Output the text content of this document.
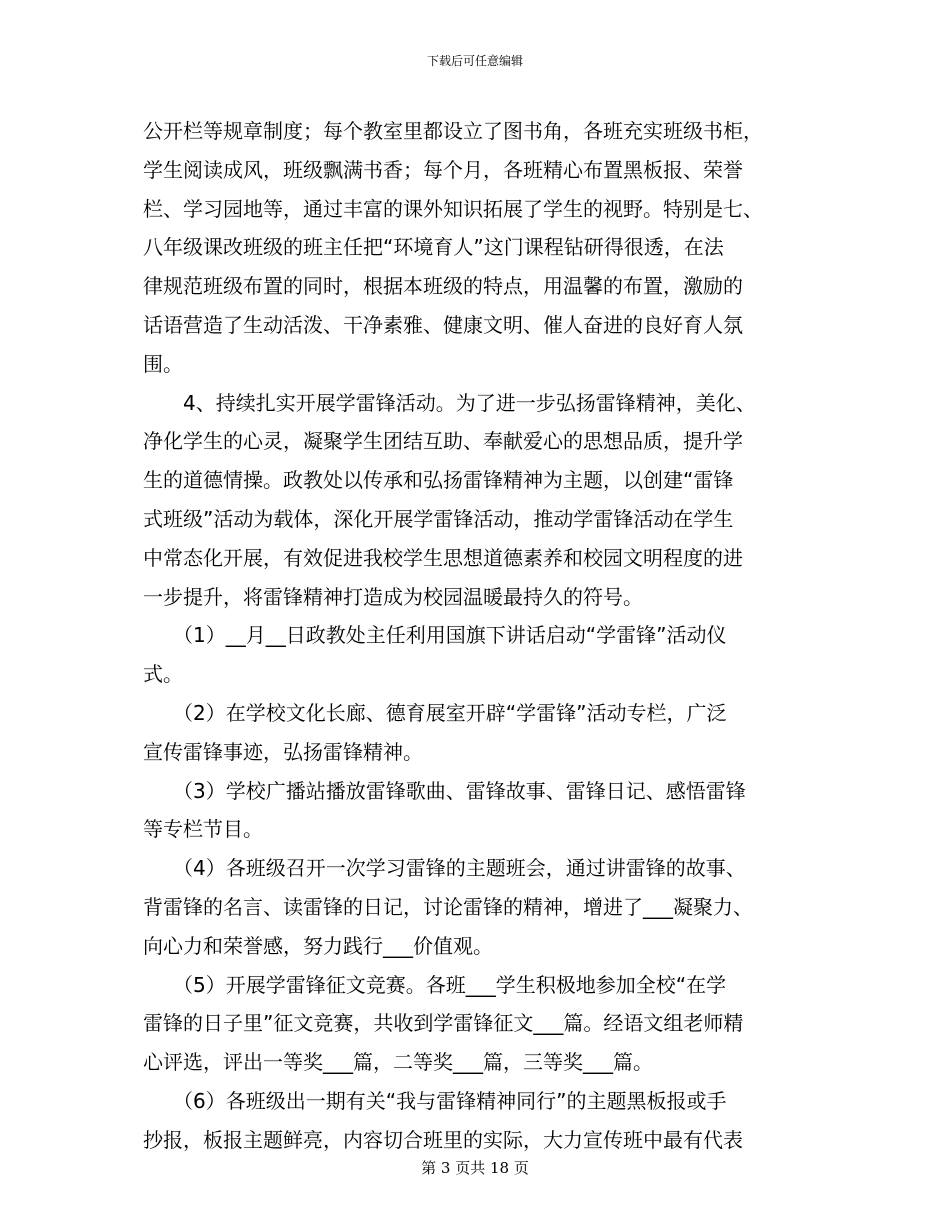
下载后可任意编辑
公开栏等规章制度；每个教室里都设立了图书角，各班充实班级书柜，
学生阅读成风，班级飘满书香；每个月，各班精心布置黑板报、荣誉
栏、学习园地等，通过丰富的课外知识拓展了学生的视野。特别是七、
八年级课改班级的班主任把“环境育人”这门课程钻研得很透，在法
律规范班级布置的同时，根据本班级的特点，用温馨的布置，激励的
话语营造了生动活泼、干净素雅、健康文明、催人奋进的良好育人氛
围。
　　4、持续扎实开展学雷锋活动。为了进一步弘扬雷锋精神，美化、
净化学生的心灵，凝聚学生团结互助、奉献爱心的思想品质，提升学
生的道德情操。政教处以传承和弘扬雷锋精神为主题，以创建“雷锋
式班级”活动为载体，深化开展学雷锋活动，推动学雷锋活动在学生
中常态化开展，有效促进我校学生思想道德素养和校园文明程度的进
一步提升，将雷锋精神打造成为校园温暖最持久的符号。
　　（1）__月__日政教处主任利用国旗下讲话启动“学雷锋”活动仪
式。
　　（2）在学校文化长廊、德育展室开辟“学雷锋”活动专栏，广泛
宣传雷锋事迹，弘扬雷锋精神。
　　（3）学校广播站播放雷锋歌曲、雷锋故事、雷锋日记、感悟雷锋
等专栏节目。
　　（4）各班级召开一次学习雷锋的主题班会，通过讲雷锋的故事、
背雷锋的名言、读雷锋的日记，讨论雷锋的精神，增进了___凝聚力、
向心力和荣誉感，努力践行___价值观。
　　（5）开展学雷锋征文竞赛。各班___学生积极地参加全校“在学
雷锋的日子里”征文竞赛，共收到学雷锋征文___篇。经语文组老师精
心评选，评出一等奖___篇，二等奖___篇，三等奖___篇。
　　（6）各班级出一期有关“我与雷锋精神同行”的主题黑板报或手
抄报，板报主题鲜亮，内容切合班里的实际，大力宣传班中最有代表
第 3 页共 18 页
